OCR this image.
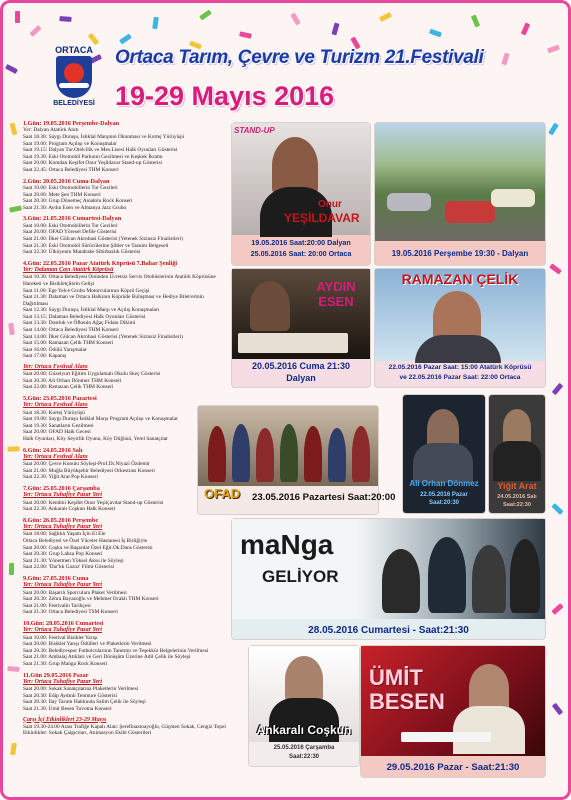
ORTACA
BELEDİYESİ
Ortaca Tarım, Çevre ve Turizm 21.Festivali
19-29 Mayıs 2016
1.Gün: 19.05.2016 Perşembe-Dalyan
Yer: Dalyan Atatürk Anıtı
Saat 18.30: Saygı Duruşu, İstiklal Marşının Okunması ve Kortej Yürüyüşü
Saat 19.00: Program Açılışı ve Konuşmalar
Saat 19.15: Dalyan Tur.Otelcilik ve Mes.Lisesi Halk Oyunları Gösterisi
Saat 19.30: Eski Otomobil Parkının Gezilmesi ve Keşkek İkramı
Saat 20.00: Komdan Keşifet Onur Yeşildavar Stand-up Gösterisi
Saat 22.45: Ortaca Belediyesi THM Konseri
2.Gün: 20.05.2016 Cuma-Dalyan
Saat 10.00: Eski Otomobillerin Tur Gezileri
Saat 20.00: Mete Şen THM Konseri
Saat 20.30: Grup Dönemeç Anadolu Rock Konseri
Saat 21.30: Aydın Esen ve Almanya Jazz Grubu
3.Gün: 21.05.2016 Cumartesi-Dalyan
Saat 10.00: Eski Otomobillerin Tur Gezileri
Saat 20.00: OFAD Yöresel Defile Gösterisi
Saat 21.00: İlker Gülcan Akrobasi Gösterisi (Yetenek Sizinsiz Finalistleri)
Saat 21.30: Eski Otomobil Sürücülerine Şiltler ve Tasnim Belgeseli
Saat 22.30: Ülküyenin Mandrake Sihirbazlık Gösterisi
4.Gün: 22.05.2016 Pazar Atatürk Köprüsü 7.Bahar Şenliği
Yer: Dalaman Çayı Atatürk Köprüsü
Saat 10.30: Ortaca Belediyesi Önünden Ücretsiz Servis Otobüslerinin Atatürk Köprüsüne Hareketi ve Bisikletçilerin Gelişi
Saat 11.00: Ege Yelce Grubu Motorcularının Köprü Geçişi
Saat 11.30: Dalaman ve Ortaca Halkının Köprüde Buluşması ve Hediye Bilet/erinin Dağıtılması
Saat 12.30: Saygı Duruşu, İstiklal Marşı ve Açılış Konuşmaları
Saat 13.15: Dalaman Belediyesi Halk Oyunları Gösterisi
Saat 13.30: Dostluk ve Öfkenin Ağaç Fidanı Dikimi
Saat 14.00: Ortaca Belediyesi THM Konseri
Saat 14.00: İlker Gülcan Akrobasi Gösterisi (Yetenek Sizinsiz Finalistleri)
Saat 15.00: Ramazan Çelik THM Konseri
Saat 16.00: Ödülü Yarışmalar
Saat 17.00: Kapanış
Yer: Ortaca Festival Alanı
Saat 20.00: Güzelyurt Eğitim Uygulamalı Okulu Skeç Gösterisi
Saat 20.30: Ali Orhan Dönmez THM Konseri
Saat 22.00: Ramazan Çelik THM Konseri
5.Gün: 23.05.2016 Pazartesi
Yer: Ortaca Festival Alanı
Saat 18.30: Kortej Yürüyüşü
Saat 19.00: Saygı Duruşu İstiklal Marşı Program Açılışı ve Konuşmalar
Saat 19.30: Sanatların Gezilmesi
Saat 20.00: OFAD Halk Gecesi
Halk Oyunları, Köy Seyirlik Oyunu, Köy Düğünü, Yerel Sanatçılar
6.Gün: 24.05.2016 Salı
Yer: Ortaca Festival Alanı
Saat 20.00: Çevre Konulu Söyleşi-Prof.Dr.Niyazi Özdemir
Saat 21.00: Muğla Büyükşehir Belediyesi Orkestrası Konseri
Saat 22.30: Yiğit Arat Pop Konseri
7.Gün: 25.05.2016 Çarşamba
Yer: Ortaca Tuhafiye Pazar Yeri
Saat 20.00: Kendini Keşifet Onur Yeşilçavdar Stand-up Gösterisi
Saat 22.30: Ankaralı Coşkun Halk Konseri
8.Gün: 26.05.2016 Perşembe
Yer: Ortaca Tuhafiye Pazar Yeri
Saat 18.00: Sağlıklı Yaşam İçin El Ele
Ortaca Belediyesi ve Özel Yüceler Hastanesi İş Birliğiyle
Saat 20.00: Coşku ve Başarılar Özel Eğit.Ok.Dans Gösterisi
Saat 20.30: Grup Lahza Pop Konseri
Saat 21.30: Yönetmen Yüksel Aksu ile Söyleşi
Saat 22.00: 'Dar'lık Gazoz' Filmi Gösterisi
9.Gün: 27.05.2016 Cuma
Yer: Ortaca Tuhafiye Pazar Yeri
Saat 20.00: Başarılı Sporculara Plaket Verilmesi
Saat 20.30: Zehra Bayazoğlu ve Mehmet Ocaklı THM Konseri
Saat 21.00: Festivalin Tarihçesi
Saat 21.30: Ortaca Belediyesi TSM Konseri
10.Gün: 28.05.2016 Cumartesi
Yer: Ortaca Tuhafiye Pazar Yeri
Saat 10.00: Festival Bisiklet Yarışı
Saat 20.00: Bisiklet Yarışı Ödülleri ve Plaketlerin Verilmesi
Saat 20.30: Belediyespor Futbolcularının Tanıtımı ve Teşekkür Belgelerinin Verilmesi
Saat 21.00: Ambalaj Atıkları ve Geri Dönüşüm Üzerine Adil Çelik ile Söyleşi
Saat 21.30: Grup Manga Rock Konseri
11.Gün 29.05.2016 Pazar
Yer: Ortaca Tuhafiye Pazar Yeri
Saat 20.00: Sokak Sanatçılarına Plaketlerin Verilmesi
Saat 20.30: Edip Aydınlı Tenmure Gösterisi
Saat 20.30: İlay Tarımı Hakkında Salim Çelik ile Söyleşi
Saat 21.30: Ümit Besen Tuvotna Konseri
Çarşı İçi Etkinlikleri 23-29 Mayıs
Saat 19.30-24.00 Arası Trafiğe Kapalı Alan: Şerefinaztoayoğlu, Güçmen Sokak, Cengiz Topel
Etkinlikler: Sokak Çalgıcıları, Animasyon Ekibi Gösterileri
STAND-UP
Onur
YEŞİLDAVAR
19.05.2016 Saat:20:00 Dalyan
25.05.2016 Saat: 20:00 Ortaca	19.05.2016 Perşembe 19:30 - Dalyan
AYDIN
ESEN
20.05.2016 Cuma 21:30
Dalyan
RAMAZAN ÇELİK
22.05.2016 Pazar Saat: 15:00 Atatürk Köprüsü
ve 22.05.2016 Pazar Saat: 22:00 Ortaca
OFAD 23.05.2016 Pazartesi Saat:20:00
Ali Orhan Dönmez
22.05.2016 Pazar
Saat:20:30
Yiğit Arat
24.05.2016 Salı
Saat:22:30
maNga
GELİYOR
28.05.2016 Cumartesi - Saat:21:30
Ankaralı Coşkun
25.05.2016 Çarşamba
Saat:22:30
ÜMİT
BESEN
29.05.2016 Pazar - Saat:21:30
